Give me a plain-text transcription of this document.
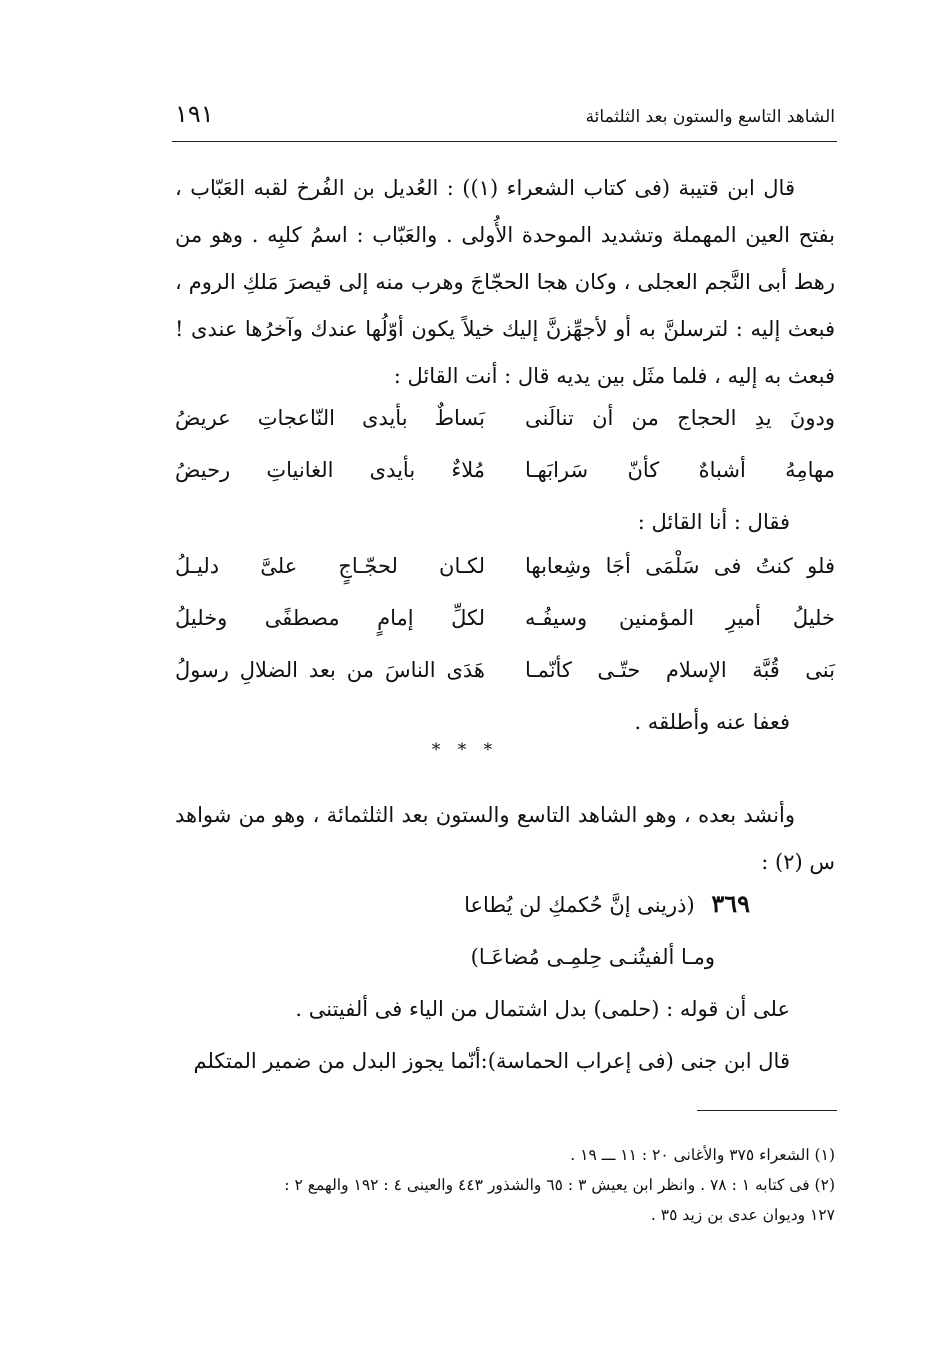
الشاهد التاسع والستون بعد الثلثمائة
١٩١
قال ابن قتيبة (فى كتاب الشعراء (١)) : العُديل بن الفُرخ لقبه العَبّاب ، بفتح العين المهملة وتشديد الموحدة الأُولى . والعَبّاب : اسمُ كلبِه . وهو من رهط أبى النَّجم العجلى ، وكان هجا الحجّاجَ وهرب منه إلى قيصرَ مَلكِ الروم ، فبعث إليه : لترسلنَّ به أو لأجهِّزنَّ إليك خيلاً يكون أوّلُها عندك وآخرُها عندى ! فبعث به إليه ، فلما مثَل بين يديه قال : أنت القائل :
ودونَ يدِ الحجاج من أن تنالَنى
بَساطٌ بأيدى النّاعجاتِ عريضُ
مهامِهُ أشباهٌ كأنّ سَرابَهـا
مُلاءٌ بأيدى الغانياتِ رحيضُ
فقال : أنا القائل :
فلو كنتُ فى سَلْمَى أجَا وشِعابها
لكـان لحجّـاجٍ علىَّ دليـلُ
خليلُ أميرِ المؤمنين وسيفُـه
لكلِّ إمامٍ مصطفًى وخليلُ
بَنى قُبَّة الإسلام حتّـى كأنّمـا
هَدَى الناسَ من بعد الضلالِ رسولُ
فعفا عنه وأطلقه .
* * *
وأنشد بعده ، وهو الشاهد التاسع والستون بعد الثلثمائة ، وهو من شواهد س (٢) :
٣٦٩ (ذرينى إنَّ حُكمكِ لن يُطاعا
ومـا ألفيتُنـى حِلمِـى مُضاعَـا)
على أن قوله : (حلمى) بدل اشتمال من الياء فى ألفيتنى .
قال ابن جنى (فى إعراب الحماسة):أنّما يجوز البدل من ضمير المتكلم
(١) الشعراء ٣٧٥ والأغانى ٢٠ : ١١ ـــ ١٩ .
(٢) فى كتابه ١ : ٧٨ . وانظر ابن يعيش ٣ : ٦٥ والشذور ٤٤٣ والعينى ٤ : ١٩٢ والهمع ٢ :
١٢٧ وديوان عدى بن زيد ٣٥ .
